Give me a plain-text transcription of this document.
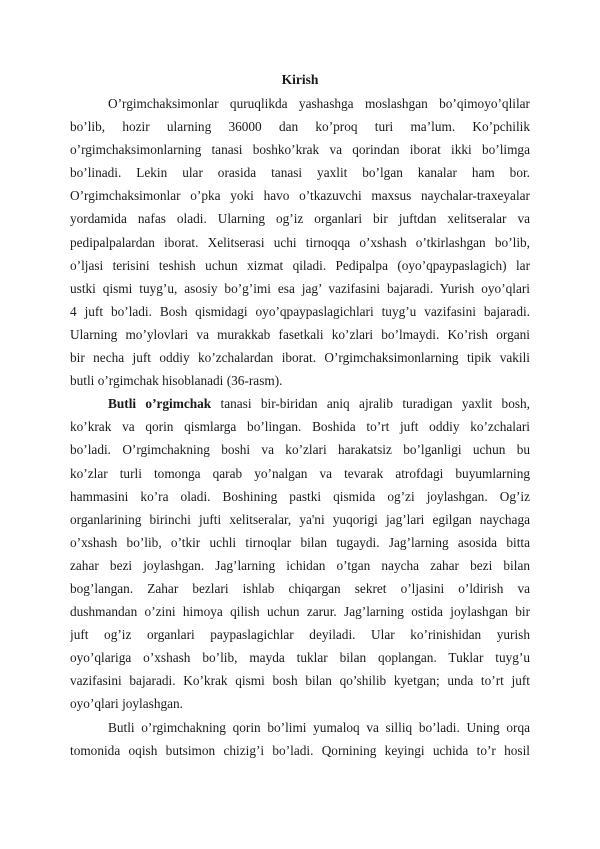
Kirish
O’rgimchaksimonlar quruqlikda yashashga moslashgan bo’qimoyo’qlilar
bo’lib, hozir ularning 36000 dan ko’proq turi ma’lum. Ko’pchilik
o’rgimchaksimonlarning tanasi boshko’krak va qorindan iborat ikki bo’limga
bo’linadi. Lekin ular orasida tanasi yaxlit bo’lgan kanalar ham bor.
O’rgimchaksimonlar o’pka yoki havo o’tkazuvchi maxsus naychalar-traxeyalar
yordamida nafas oladi. Ularning og’iz organlari bir juftdan xelitseralar va
pedipalpalardan iborat. Xelitserasi uchi tirnoqqa o’xshash o’tkirlashgan bo’lib,
o’ljasi terisini teshish uchun xizmat qiladi. Pedipalpa (oyo’qpaypaslagich) lar
ustki qismi tuyg’u, asosiy bo’g’imi esa jag’ vazifasini bajaradi. Yurish oyo’qlari
4 juft bo’ladi. Bosh qismidagi oyo’qpaypaslagichlari tuyg’u vazifasini bajaradi.
Ularning mo’ylovlari va murakkab fasetkali ko’zlari bo’lmaydi. Ko’rish organi
bir necha juft oddiy ko’zchalardan iborat. O’rgimchaksimonlarning tipik vakili
butli o’rgimchak hisoblanadi (36-rasm).
Butli o’rgimchak tanasi bir-biridan aniq ajralib turadigan yaxlit bosh,
ko’krak va qorin qismlarga bo’lingan. Boshida to’rt juft oddiy ko’zchalari
bo’ladi. O’rgimchakning boshi va ko’zlari harakatsiz bo’lganligi uchun bu
ko’zlar turli tomonga qarab yo’nalgan va tevarak atrofdagi buyumlarning
hammasini ko’ra oladi. Boshining pastki qismida og’zi joylashgan. Og’iz
organlarining birinchi jufti xelitseralar, ya'ni yuqorigi jag’lari egilgan naychaga
o’xshash bo’lib, o’tkir uchli tirnoqlar bilan tugaydi. Jag’larning asosida bitta
zahar bezi joylashgan. Jag’larning ichidan o’tgan naycha zahar bezi bilan
bog’langan. Zahar bezlari ishlab chiqargan sekret o’ljasini o’ldirish va
dushmandan o’zini himoya qilish uchun zarur. Jag’larning ostida joylashgan bir
juft og’iz organlari paypaslagichlar deyiladi. Ular ko’rinishidan yurish
oyo’qlariga o’xshash bo’lib, mayda tuklar bilan qoplangan. Tuklar tuyg’u
vazifasini bajaradi. Ko’krak qismi bosh bilan qo’shilib kyetgan; unda to’rt juft
oyo’qlari joylashgan.
Butli o’rgimchakning qorin bo’limi yumaloq va silliq bo’ladi. Uning orqa
tomonida oqish butsimon chizig’i bo’ladi. Qornining keyingi uchida to’r hosil
